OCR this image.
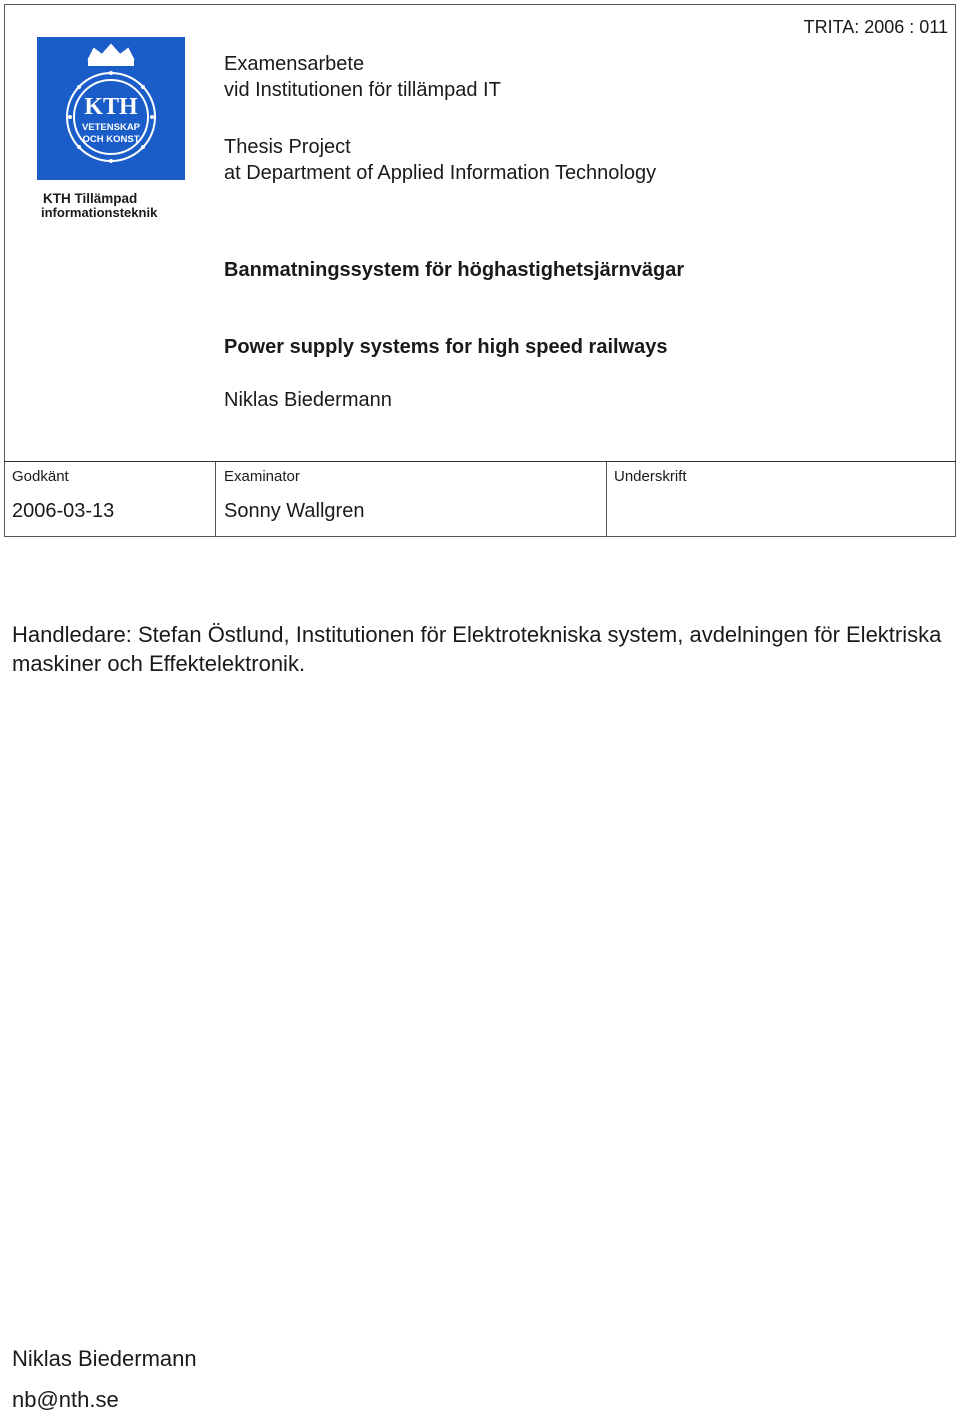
KTH
VETENSKAP
OCH KONST
KTH Tillämpad
informationsteknik
TRITA: 2006 : 011
Examensarbete
vid Institutionen för tillämpad IT
Thesis Project
at Department of Applied Information Technology
Banmatningssystem för höghastighetsjärnvägar
Power supply systems for high speed railways
Niklas Biedermann
Godkänt
2006-03-13
Examinator
Sonny Wallgren
Underskrift
Handledare: Stefan Östlund, Institutionen för Elektrotekniska system, avdelningen för Elektriska maskiner och Effektelektronik.
Niklas Biedermann
nb@nth.se
